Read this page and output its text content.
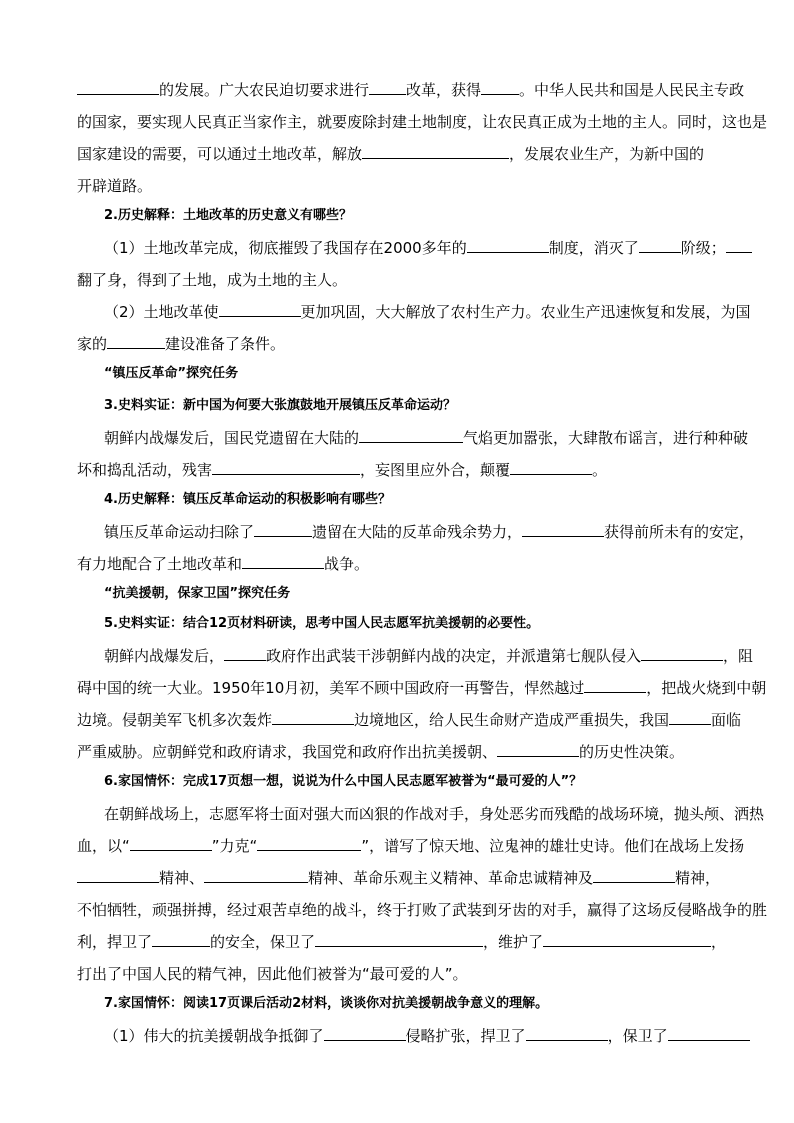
的发展。广大农民迫切要求进行 改革，获得	。中华人民共和国是人民民主专政
的国家，要实现人民真正当家作主，就要废除封建土地制度，让农民真正成为土地的主人。同时，这也是
国家建设的需要，可以通过土地改革，解放	，发展农业生产，为新中国的
开辟道路。
2.历史解释：土地改革的历史意义有哪些？
（1）土地改革完成，彻底摧毁了我国存在2000多年的	制度，消灭了	阶级；
翻了身，得到了土地，成为土地的主人。
（2）土地改革使	更加巩固，大大解放了农村生产力。农业生产迅速恢复和发展，为国
家的	建设准备了条件。
“镇压反革命”探究任务
3.史料实证：新中国为何要大张旗鼓地开展镇压反革命运动？
朝鲜内战爆发后，国民党遗留在大陆的	气焰更加嚣张，大肆散布谣言，进行种种破
坏和捣乱活动，残害	，妄图里应外合，颠覆	。
4.历史解释：镇压反革命运动的积极影响有哪些？
镇压反革命运动扫除了	遗留在大陆的反革命残余势力，	获得前所未有的安定，
有力地配合了土地改革和	战争。
“抗美援朝，保家卫国”探究任务
5.史料实证：结合12页材料研读，思考中国人民志愿军抗美援朝的必要性。
朝鲜内战爆发后，	政府作出武装干涉朝鲜内战的决定，并派遣第七舰队侵入	，阻
碍中国的统一大业。1950年10月初，美军不顾中国政府一再警告，悍然越过	，把战火烧到中朝
边境。侵朝美军飞机多次轰炸	边境地区，给人民生命财产造成严重损失，我国	面临
严重威胁。应朝鲜党和政府请求，我国党和政府作出抗美援朝、	的历史性决策。
6.家国情怀：完成17页想一想，说说为什么中国人民志愿军被誉为“最可爱的人”？
在朝鲜战场上，志愿军将士面对强大而凶狠的作战对手，身处恶劣而残酷的战场环境，抛头颅、洒热
血，以“	”力克“	”，谱写了惊天地、泣鬼神的雄壮史诗。他们在战场上发扬
精神、	精神、革命乐观主义精神、革命忠诚精神及	精神，
不怕牺牲，顽强拼搏，经过艰苦卓绝的战斗，终于打败了武装到牙齿的对手，赢得了这场反侵略战争的胜
利，捍卫了	的安全，保卫了	，维护了	，
打出了中国人民的精气神，因此他们被誉为“最可爱的人”。
7.家国情怀：阅读17页课后活动2材料，谈谈你对抗美援朝战争意义的理解。
（1）伟大的抗美援朝战争抵御了	侵略扩张，捍卫了	，保卫了
